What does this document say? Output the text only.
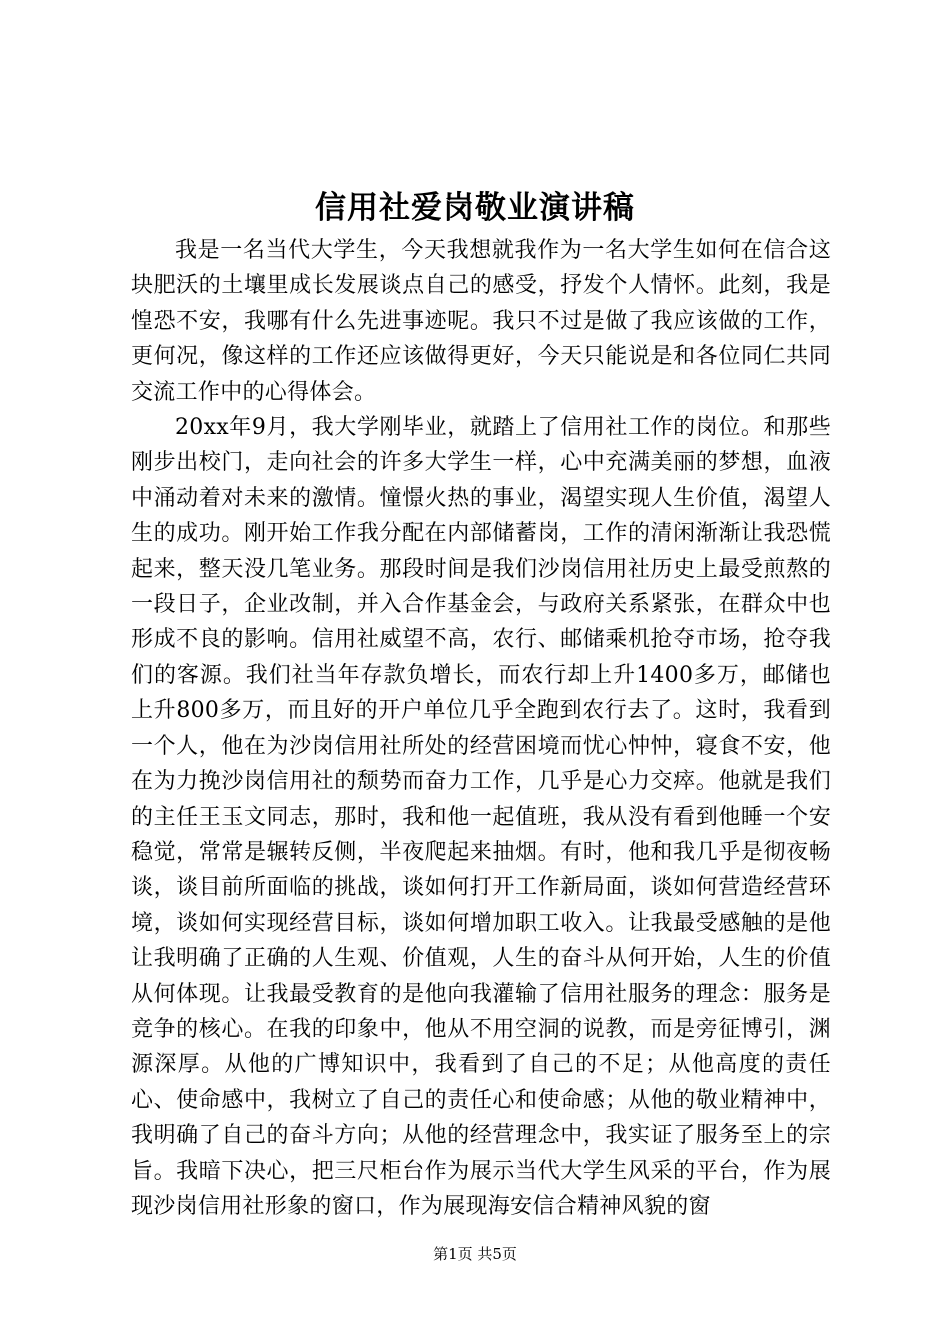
信用社爱岗敬业演讲稿

我是一名当代大学生，今天我想就我作为一名大学生如何在信合这块肥沃的土壤里成长发展谈点自己的感受，抒发个人情怀。此刻，我是惶恐不安，我哪有什么先进事迹呢。我只不过是做了我应该做的工作，更何况，像这样的工作还应该做得更好，今天只能说是和各位同仁共同交流工作中的心得体会。

20xx年9月，我大学刚毕业，就踏上了信用社工作的岗位。和那些刚步出校门，走向社会的许多大学生一样，心中充满美丽的梦想，血液中涌动着对未来的激情。憧憬火热的事业，渴望实现人生价值，渴望人生的成功。刚开始工作我分配在内部储蓄岗，工作的清闲渐渐让我恐慌起来，整天没几笔业务。那段时间是我们沙岗信用社历史上最受煎熬的一段日子，企业改制，并入合作基金会，与政府关系紧张，在群众中也形成不良的影响。信用社威望不高，农行、邮储乘机抢夺市场，抢夺我们的客源。我们社当年存款负增长，而农行却上升1400多万，邮储也上升800多万，而且好的开户单位几乎全跑到农行去了。这时，我看到一个人，他在为沙岗信用社所处的经营困境而忧心忡忡，寝食不安，他在为力挽沙岗信用社的颓势而奋力工作，几乎是心力交瘁。他就是我们的主任王玉文同志，那时，我和他一起值班，我从没有看到他睡一个安稳觉，常常是辗转反侧，半夜爬起来抽烟。有时，他和我几乎是彻夜畅谈，谈目前所面临的挑战，谈如何打开工作新局面，谈如何营造经营环境，谈如何实现经营目标，谈如何增加职工收入。让我最受感触的是他让我明确了正确的人生观、价值观，人生的奋斗从何开始，人生的价值从何体现。让我最受教育的是他向我灌输了信用社服务的理念：服务是竞争的核心。在我的印象中，他从不用空洞的说教，而是旁征博引，渊源深厚。从他的广博知识中，我看到了自己的不足；从他高度的责任心、使命感中，我树立了自己的责任心和使命感；从他的敬业精神中，我明确了自己的奋斗方向；从他的经营理念中，我实证了服务至上的宗旨。我暗下决心，把三尺柜台作为展示当代大学生风采的平台，作为展现沙岗信用社形象的窗口，作为展现海安信合精神风貌的窗

第1页 共5页
